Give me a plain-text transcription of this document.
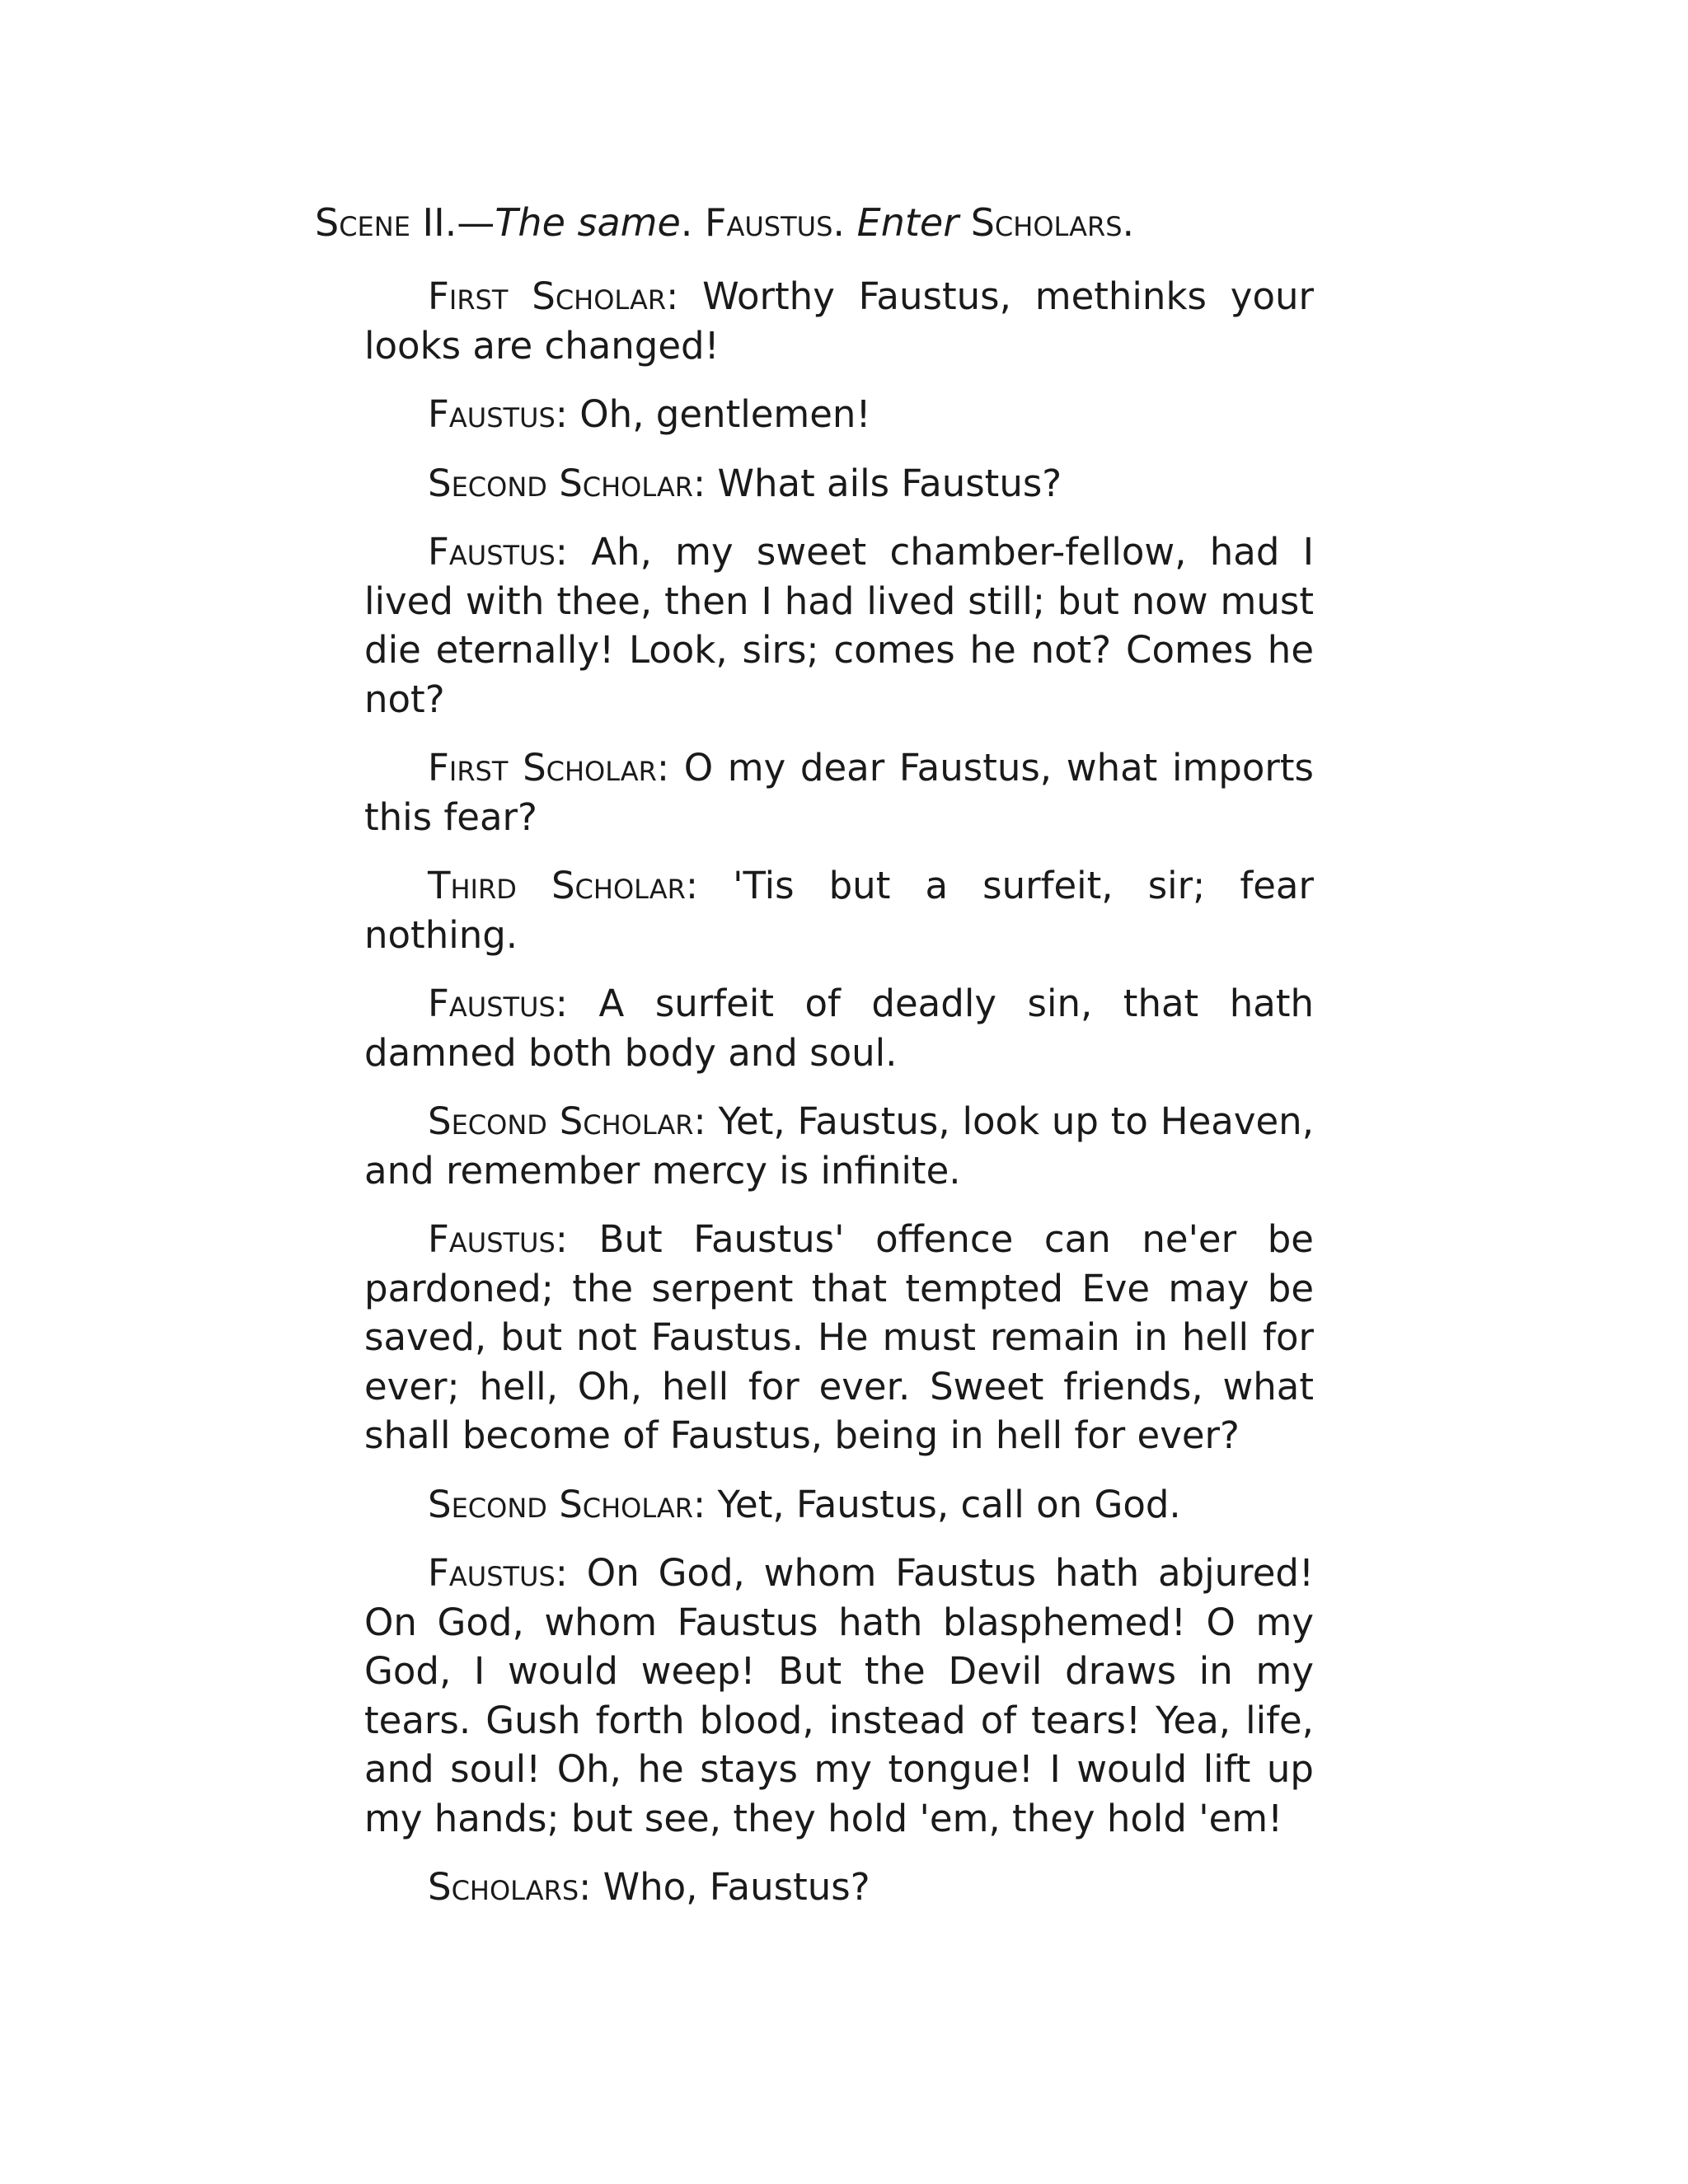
Scene II.—The same. Faustus. Enter Scholars.

First Scholar: Worthy Faustus, methinks your looks are changed!

Faustus: Oh, gentlemen!

Second Scholar: What ails Faustus?

Faustus: Ah, my sweet chamber-fellow, had I lived with thee, then I had lived still; but now must die eternally! Look, sirs; comes he not? Comes he not?

First Scholar: O my dear Faustus, what imports this fear?

Third Scholar: 'Tis but a surfeit, sir; fear nothing.

Faustus: A surfeit of deadly sin, that hath damned both body and soul.

Second Scholar: Yet, Faustus, look up to Heaven, and remember mercy is infinite.

Faustus: But Faustus' offence can ne'er be pardoned; the serpent that tempted Eve may be saved, but not Faustus. He must remain in hell for ever; hell, Oh, hell for ever. Sweet friends, what shall become of Faustus, being in hell for ever?

Second Scholar: Yet, Faustus, call on God.

Faustus: On God, whom Faustus hath abjured! On God, whom Faustus hath blasphemed! O my God, I would weep! But the Devil draws in my tears. Gush forth blood, instead of tears! Yea, life, and soul! Oh, he stays my tongue! I would lift up my hands; but see, they hold 'em, they hold 'em!

Scholars: Who, Faustus?
